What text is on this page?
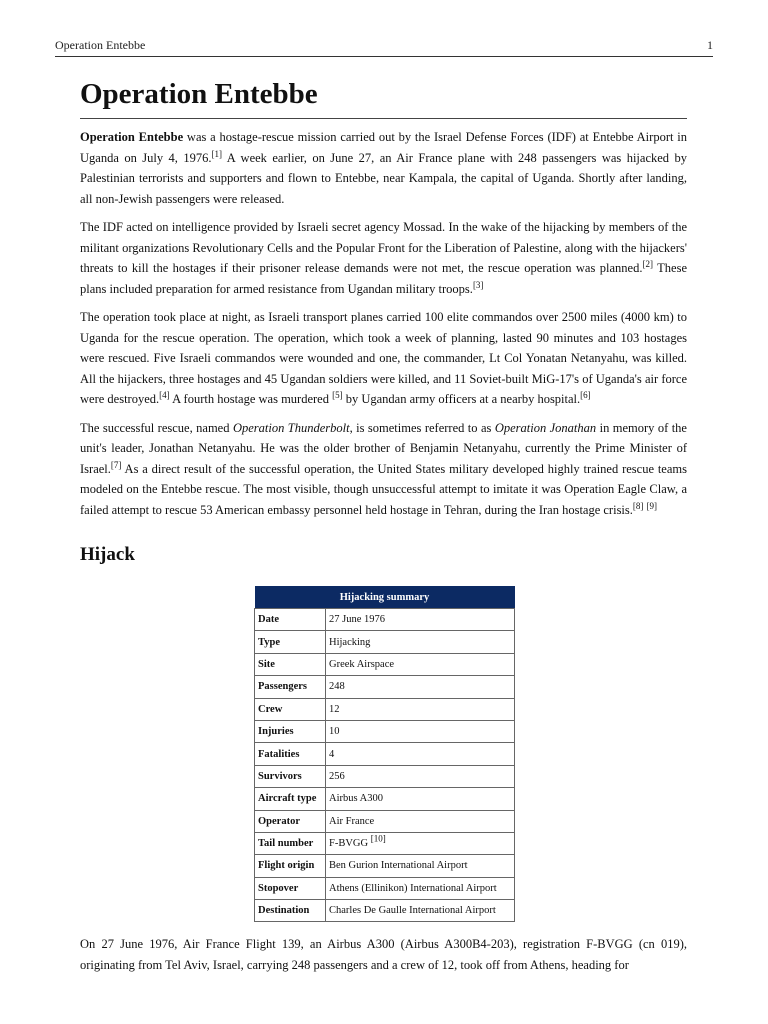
Operation Entebbe	1
Operation Entebbe

Operation Entebbe was a hostage-rescue mission carried out by the Israel Defense Forces (IDF) at Entebbe Airport in Uganda on July 4, 1976.[1] A week earlier, on June 27, an Air France plane with 248 passengers was hijacked by Palestinian terrorists and supporters and flown to Entebbe, near Kampala, the capital of Uganda. Shortly after landing, all non-Jewish passengers were released.

The IDF acted on intelligence provided by Israeli secret agency Mossad. In the wake of the hijacking by members of the militant organizations Revolutionary Cells and the Popular Front for the Liberation of Palestine, along with the hijackers' threats to kill the hostages if their prisoner release demands were not met, the rescue operation was planned.[2] These plans included preparation for armed resistance from Ugandan military troops.[3]

The operation took place at night, as Israeli transport planes carried 100 elite commandos over 2500 miles (4000 km) to Uganda for the rescue operation. The operation, which took a week of planning, lasted 90 minutes and 103 hostages were rescued. Five Israeli commandos were wounded and one, the commander, Lt Col Yonatan Netanyahu, was killed. All the hijackers, three hostages and 45 Ugandan soldiers were killed, and 11 Soviet-built MiG-17's of Uganda's air force were destroyed.[4] A fourth hostage was murdered [5] by Ugandan army officers at a nearby hospital.[6]

The successful rescue, named Operation Thunderbolt, is sometimes referred to as Operation Jonathan in memory of the unit's leader, Jonathan Netanyahu. He was the older brother of Benjamin Netanyahu, currently the Prime Minister of Israel.[7] As a direct result of the successful operation, the United States military developed highly trained rescue teams modeled on the Entebbe rescue. The most visible, though unsuccessful attempt to imitate it was Operation Eagle Claw, a failed attempt to rescue 53 American embassy personnel held hostage in Tehran, during the Iran hostage crisis.[8] [9]

Hijack
Hijacking summary	
Date	27 June 1976
Type	Hijacking
Site	Greek Airspace
Passengers	248
Crew	12
Injuries	10
Fatalities	4
Survivors	256
Aircraft type	Airbus A300
Operator	Air France
Tail number	F-BVGG [10]
Flight origin	Ben Gurion International Airport
Stopover	Athens (Ellinikon) International Airport
Destination	Charles De Gaulle International Airport

On 27 June 1976, Air France Flight 139, an Airbus A300 (Airbus A300B4-203), registration F-BVGG (cn 019), originating from Tel Aviv, Israel, carrying 248 passengers and a crew of 12, took off from Athens, heading for
